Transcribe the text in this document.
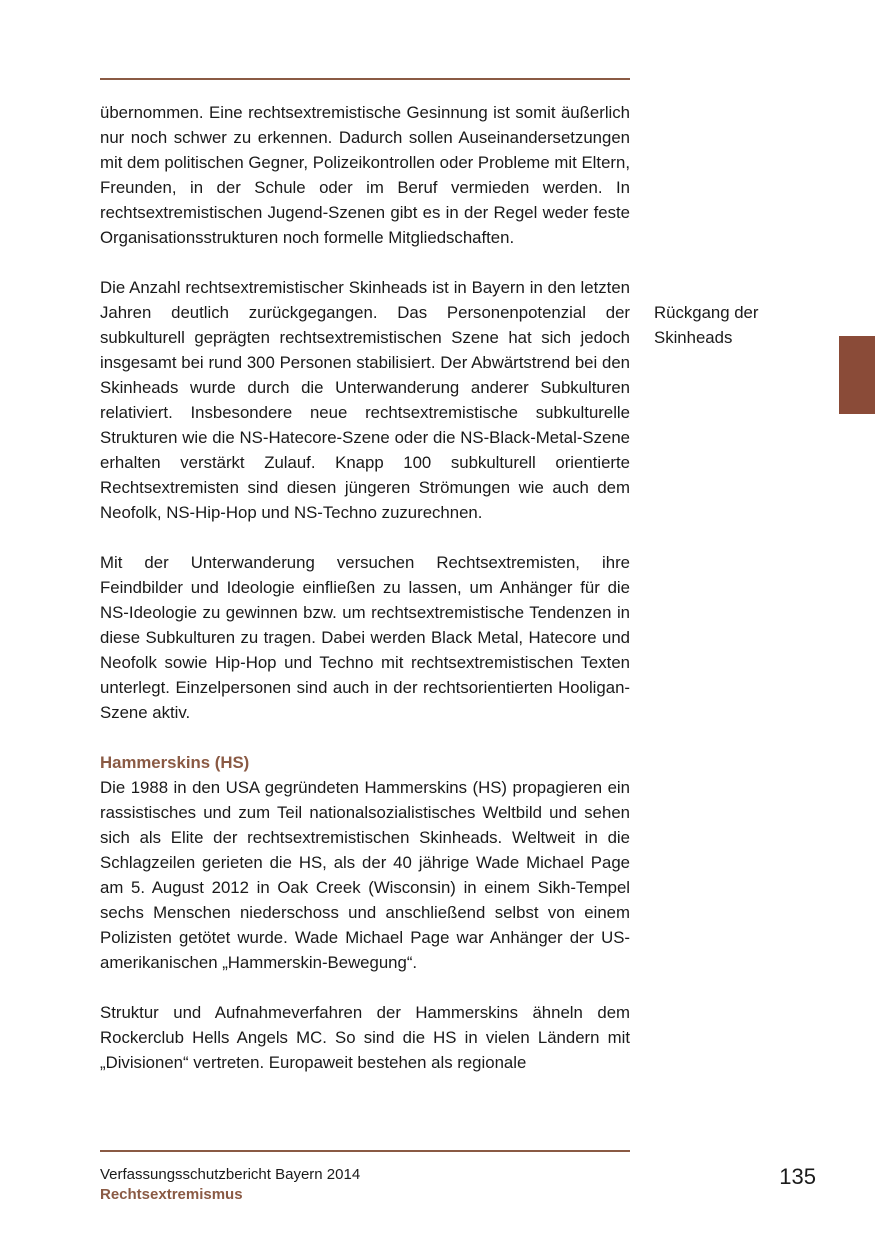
übernommen. Eine rechtsextremistische Gesinnung ist somit äußerlich nur noch schwer zu erkennen. Dadurch sollen Auseinandersetzungen mit dem politischen Gegner, Polizeikontrollen oder Probleme mit Eltern, Freunden, in der Schule oder im Beruf vermieden werden. In rechtsextremistischen Jugend-Szenen gibt es in der Regel weder feste Organisationsstrukturen noch formelle Mitgliedschaften.

Die Anzahl rechtsextremistischer Skinheads ist in Bayern in den letzten Jahren deutlich zurückgegangen. Das Personenpotenzial der subkulturell geprägten rechtsextremistischen Szene hat sich jedoch insgesamt bei rund 300 Personen stabilisiert. Der Abwärtstrend bei den Skinheads wurde durch die Unterwanderung anderer Subkulturen relativiert. Insbesondere neue rechtsextremistische subkulturelle Strukturen wie die NS-Hatecore-Szene oder die NS-Black-Metal-Szene erhalten verstärkt Zulauf. Knapp 100 subkulturell orientierte Rechtsextremisten sind diesen jüngeren Strömungen wie auch dem Neofolk, NS-Hip-Hop und NS-Techno zuzurechnen.

Mit der Unterwanderung versuchen Rechtsextremisten, ihre Feindbilder und Ideologie einfließen zu lassen, um Anhänger für die NS-Ideologie zu gewinnen bzw. um rechtsextremistische Tendenzen in diese Subkulturen zu tragen. Dabei werden Black Metal, Hatecore und Neofolk sowie Hip-Hop und Techno mit rechtsextremistischen Texten unterlegt. Einzelpersonen sind auch in der rechtsorientierten Hooligan-Szene aktiv.

Hammerskins (HS)

Die 1988 in den USA gegründeten Hammerskins (HS) propagieren ein rassistisches und zum Teil nationalsozialistisches Weltbild und sehen sich als Elite der rechtsextremistischen Skinheads. Weltweit in die Schlagzeilen gerieten die HS, als der 40 jährige Wade Michael Page am 5. August 2012 in Oak Creek (Wisconsin) in einem Sikh-Tempel sechs Menschen niederschoss und anschließend selbst von einem Polizisten getötet wurde. Wade Michael Page war Anhänger der US-amerikanischen „Hammerskin-Bewegung“.

Struktur und Aufnahmeverfahren der Hammerskins ähneln dem Rockerclub Hells Angels MC. So sind die HS in vielen Ländern mit „Divisionen“ vertreten. Europaweit bestehen als regionale

Rückgang der
Skinheads
Verfassungsschutzbericht Bayern 2014
Rechtsextremismus
135
